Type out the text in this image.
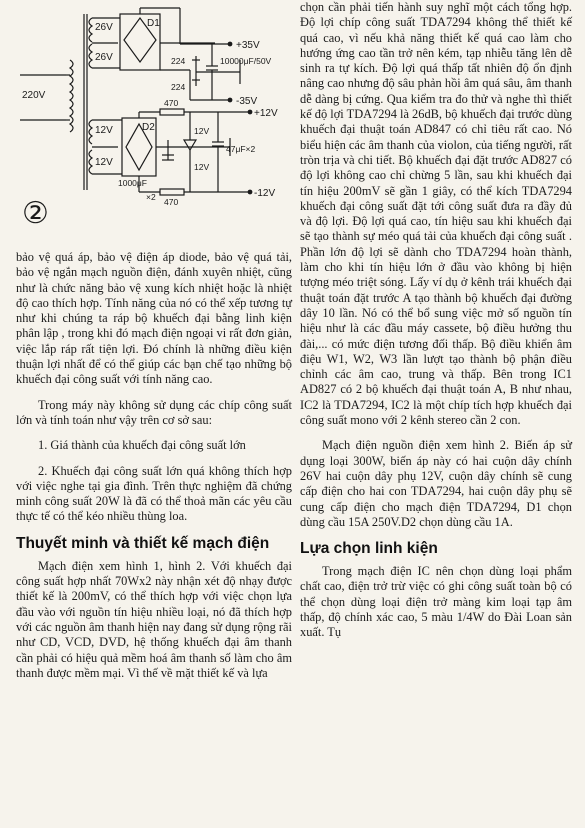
220V
26V
26V
D1
+35V
-35V
224
224
10000μF/50V
12V
12V
D2
470
470
+12V
-12V
12V
12V
47μF×2
1000μF
×2
②

bảo vệ quá áp, bảo vệ điện áp diode, bảo vệ quá tải, bảo vệ ngắn mạch nguồn điện, đánh xuyên nhiệt, cũng như là chức năng bảo vệ xung kích nhiệt hoặc là nhiệt độ cao thích hợp. Tính năng của nó có thể xếp tương tự như khi chúng ta ráp bộ khuếch đại bằng linh kiện phân lập , trong khi đó mạch điện ngoại vi rất đơn giản, việc lắp ráp rất tiện lợi. Đó chính là những điều kiện thuận lợi nhất để có thể giúp các bạn chế tạo những bộ khuếch đại công suất với tính năng cao.

Trong máy này không sử dụng các chíp công suất lớn và tính toán như vậy trên cơ sở sau:

1. Giá thành của khuếch đại công suất lớn

2. Khuếch đại công suất lớn quá không thích hợp với việc nghe tại gia đình. Trên thực nghiệm đã chứng minh công suất 20W là đã có thể thoả mãn các yêu cầu thực tế có thể kéo nhiều thùng loa.

Thuyết minh và thiết kế mạch điện

Mạch điện xem hình 1, hình 2. Với khuếch đại công suất hợp nhất 70Wx2 này nhận xét độ nhạy được thiết kế là 200mV, có thể thích hợp với việc chọn lựa đầu vào với nguồn tín hiệu nhiều loại, nó đã thích hợp với các nguồn âm thanh hiện nay đang sử dụng rộng rãi như CD, VCD, DVD, hệ thống khuếch đại âm thanh cần phải có hiệu quả mềm hoá âm thanh số làm cho âm thanh được mềm mại. Vì thế về mặt thiết kế và lựa

chọn cần phải tiến hành suy nghĩ một cách tổng hợp. Độ lợi chíp công suất TDA7294 không thể thiết kế quá cao, vì nếu khả năng thiết kế quá cao làm cho hướng ứng cao tần trở nên kém, tạp nhiễu tăng lên dễ sinh ra tự kích. Độ lợi quá thấp tất nhiên độ ổn định nâng cao nhưng độ sâu phản hồi âm quá sâu, âm thanh dễ dàng bị cứng. Qua kiểm tra đo thử và nghe thì thiết kế độ lợi TDA7294 là 26dB, bộ khuếch đại trước dùng khuếch đại thuật toán AD847 có chỉ tiêu rất cao. Nó biểu hiện các âm thanh của violon, của tiếng người, rất tròn trịa và chi tiết. Bộ khuếch đại đặt trước AD827 có độ lợi không cao chỉ chừng 5 lần, sau khi khuếch đại tín hiệu 200mV sẽ gần 1 giây, có thể kích TDA7294 khuếch đại công suất đặt tới công suất đưa ra đầy đủ và độ lợi. Độ lợi quá cao, tín hiệu sau khi khuếch đại sẽ tạo thành sự méo quá tải của khuếch đại công suất . Phần lớn độ lợi sẽ dành cho TDA7294 hoàn thành, làm cho khi tín hiệu lớn ở đầu vào không bị hiện tượng méo triệt sóng. Lấy ví dụ ở kênh trái khuếch đại thuật toán đặt trước A tạo thành bộ khuếch đại đường dây 10 lần. Nó có thể bổ sung việc mở số nguồn tín hiệu như là các đầu máy cassete, bộ điều hưởng thu đài,... có mức điện tương đối thấp. Bộ điều khiển âm điệu W1, W2, W3 lần lượt tạo thành bộ phận điều chỉnh các âm cao, trung và thấp. Bên trong IC1 AD827 có 2 bộ khuếch đại thuật toán A, B như nhau, IC2 là TDA7294, IC2 là một chíp tích hợp khuếch đại công suất mono với 2 kênh stereo cần 2 con.

Mạch điện nguồn điện xem hình 2. Biến áp sử dụng loại 300W, biến áp này có hai cuộn dây chính 26V hai cuộn dây phụ 12V, cuộn dây chính sẽ cung cấp điện cho hai con TDA7294, hai cuộn dây phụ sẽ cung cấp điện cho mạch điện TDA7294, D1 chọn dùng cầu 15A 250V.D2 chọn dùng cầu 1A.

Lựa chọn linh kiện

Trong mạch điện IC nên chọn dùng loại phẩm chất cao, điện trở trừ việc có ghi công suất toàn bộ có thể chọn dùng loại điện trở màng kim loại tạp âm thấp, độ chính xác cao, 5 màu 1/4W do Đài Loan sản xuất. Tụ
